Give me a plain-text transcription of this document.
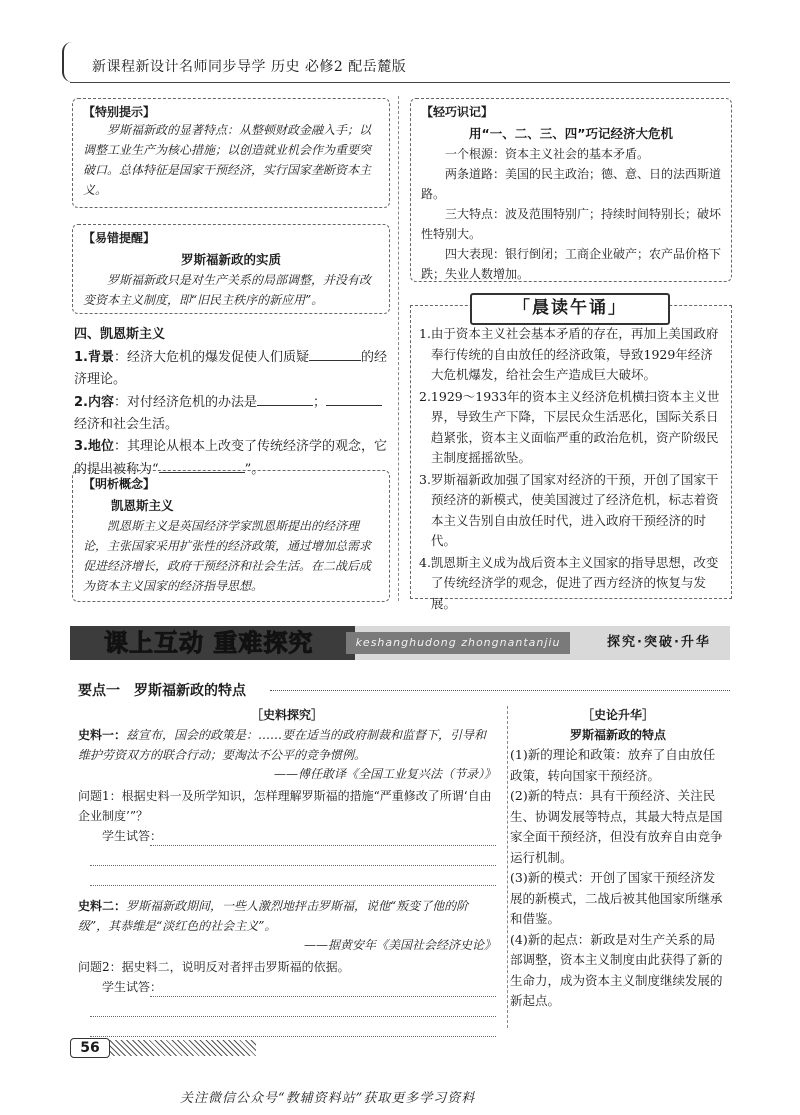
新课程新设计名师同步导学 历史 必修2 配岳麓版
【特别提示】

罗斯福新政的显著特点：从整顿财政金融入手；以调整工业生产为核心措施；以创造就业机会作为重要突破口。总体特征是国家干预经济，实行国家垄断资本主义。

【易错提醒】
罗斯福新政的实质

罗斯福新政只是对生产关系的局部调整，并没有改变资本主义制度，即“旧民主秩序的新应用”。

四、凯恩斯主义

1.背景：经济大危机的爆发促使人们质疑	的经济理论。

2.内容：对付经济危机的办法是	；经济和社会生活。

3.地位：其理论从根本上改变了传统经济学的观念，它的提出被称为“	”。

【明析概念】
凯恩斯主义

凯恩斯主义是英国经济学家凯恩斯提出的经济理论，主张国家采用扩张性的经济政策，通过增加总需求促进经济增长，政府干预经济和社会生活。在二战后成为资本主义国家的经济指导思想。

【轻巧识记】
用“一、二、三、四”巧记经济大危机

一个根源：资本主义社会的基本矛盾。

两条道路：美国的民主政治；德、意、日的法西斯道路。

三大特点：波及范围特别广；持续时间特别长；破坏性特别大。

四大表现：银行倒闭；工商企业破产；农产品价格下跌；失业人数增加。

1.由于资本主义社会基本矛盾的存在，再加上美国政府奉行传统的自由放任的经济政策，导致1929年经济大危机爆发，给社会生产造成巨大破坏。

2.1929～1933年的资本主义经济危机横扫资本主义世界，导致生产下降，下层民众生活恶化，国际关系日趋紧张，资本主义面临严重的政治危机，资产阶级民主制度摇摇欲坠。

3.罗斯福新政加强了国家对经济的干预，开创了国家干预经济的新模式，使美国渡过了经济危机，标志着资本主义告别自由放任时代，进入政府干预经济的时代。

4.凯恩斯主义成为战后资本主义国家的指导思想，改变了传统经济学的观念，促进了西方经济的恢复与发展。

「晨读午诵」
课上互动 重难探究	keshanghudong zhongnantanjiu	探究·突破·升华
要点一　罗斯福新政的特点
［史料探究］

史料一：兹宣布，国会的政策是：……要在适当的政府制裁和监督下，引导和维护劳资双方的联合行动；要淘汰不公平的竞争惯例。

——傅任敢译《全国工业复兴法（节录）》

问题1：根据史料一及所学知识，怎样理解罗斯福的措施“严重修改了所谓‘自由企业制度’”？

学生试答：

史料二：罗斯福新政期间，一些人激烈地抨击罗斯福，说他“叛变了他的阶级”，其恭维是“淡红色的社会主义”。

——据黄安年《美国社会经济史论》

问题2：据史料二，说明反对者抨击罗斯福的依据。

学生试答：

［史论升华］
罗斯福新政的特点

(1)新的理论和政策：放弃了自由放任政策，转向国家干预经济。

(2)新的特点：具有干预经济、关注民生、协调发展等特点，其最大特点是国家全面干预经济，但没有放弃自由竞争运行机制。

(3)新的模式：开创了国家干预经济发展的新模式，二战后被其他国家所继承和借鉴。

(4)新的起点：新政是对生产关系的局部调整，资本主义制度由此获得了新的生命力，成为资本主义制度继续发展的新起点。

56
关注微信公众号“教辅资料站”获取更多学习资料
